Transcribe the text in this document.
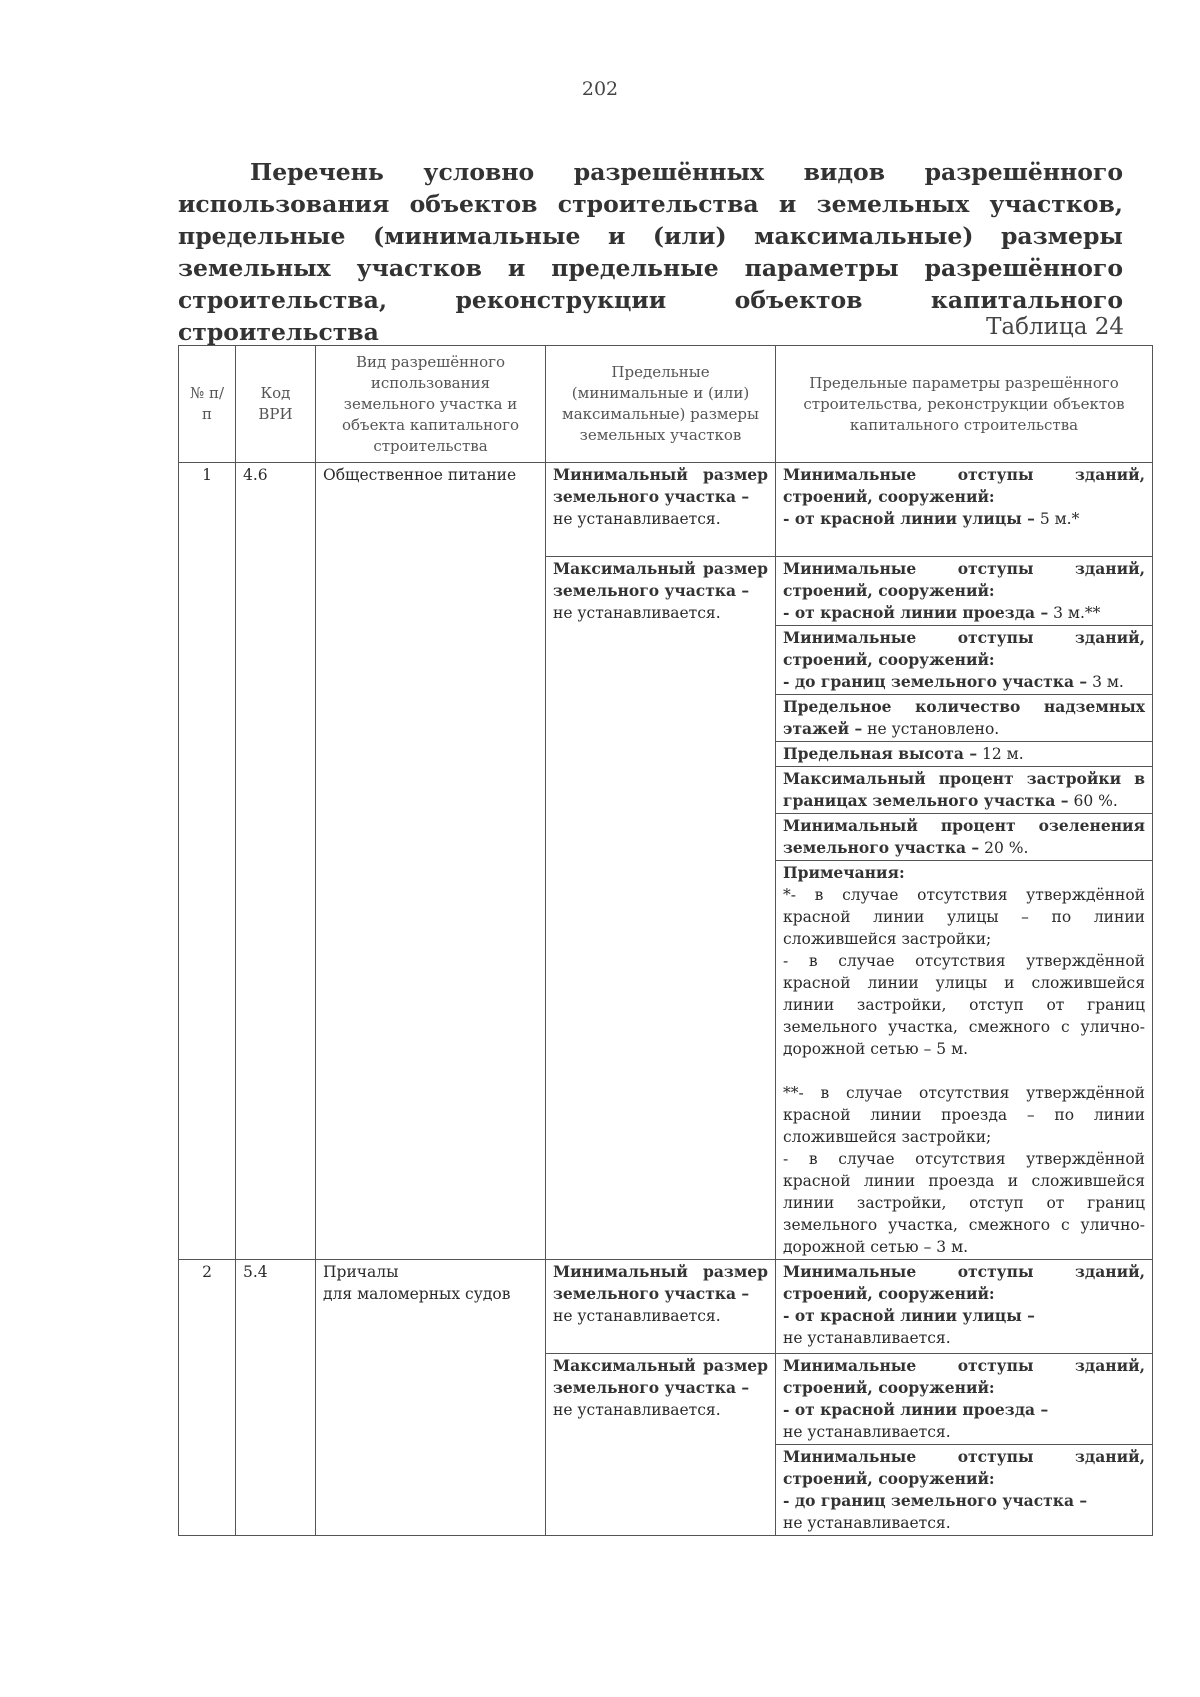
202
Перечень условно разрешённых видов разрешённого использования объектов строительства и земельных участков, предельные (минимальные и (или) максимальные) размеры земельных участков и предельные параметры разрешённого строительства,	реконструкции объектов капитального строительства	Таблица 24
№ п/п	Код ВРИ	Вид разрешённого использования земельного участка и объекта капитального строительства	Предельные (минимальные и (или) максимальные) размеры земельных участков	Предельные параметры разрешённого строительства, реконструкции объектов капитального строительства
1	4.6	Общественное питание	Минимальный размер земельного участка –
не устанавливается.	Минимальные отступы зданий, строений, сооружений:
- от красной линии улицы – 5 м.*
			Максимальный размер земельного участка –
не устанавливается.	Минимальные отступы зданий, строений, сооружений:
- от красной линии проезда – 3 м.**
				Минимальные отступы зданий, строений, сооружений:
- до границ земельного участка – 3 м.
				Предельное количество надземных этажей – не установлено.
				Предельная высота – 12 м.
				Максимальный процент застройки в границах земельного участка – 60 %.
				Минимальный процент озеленения земельного участка – 20 %.

				Примечания:
*- в случае отсутствия утверждённой красной линии улицы – по линии сложившейся застройки;
- в случае отсутствия утверждённой красной линии улицы и сложившейся линии застройки, отступ от границ земельного участка, смежного с улично-дорожной сетью – 5 м.
**- в случае отсутствия утверждённой красной линии проезда – по линии сложившейся застройки;
- в случае отсутствия утверждённой красной линии проезда и сложившейся линии застройки, отступ от границ земельного участка, смежного с улично-дорожной сетью – 3 м.

2	5.4	Причалы
для маломерных судов	Минимальный размер земельного участка –
не устанавливается.	Минимальные отступы зданий, строений, сооружений:
- от красной линии улицы –
не устанавливается.
			Максимальный размер земельного участка –
не устанавливается.	Минимальные отступы зданий, строений, сооружений:
- от красной линии проезда –
не устанавливается.
				Минимальные отступы зданий, строений, сооружений:
- до границ земельного участка –
не устанавливается.
